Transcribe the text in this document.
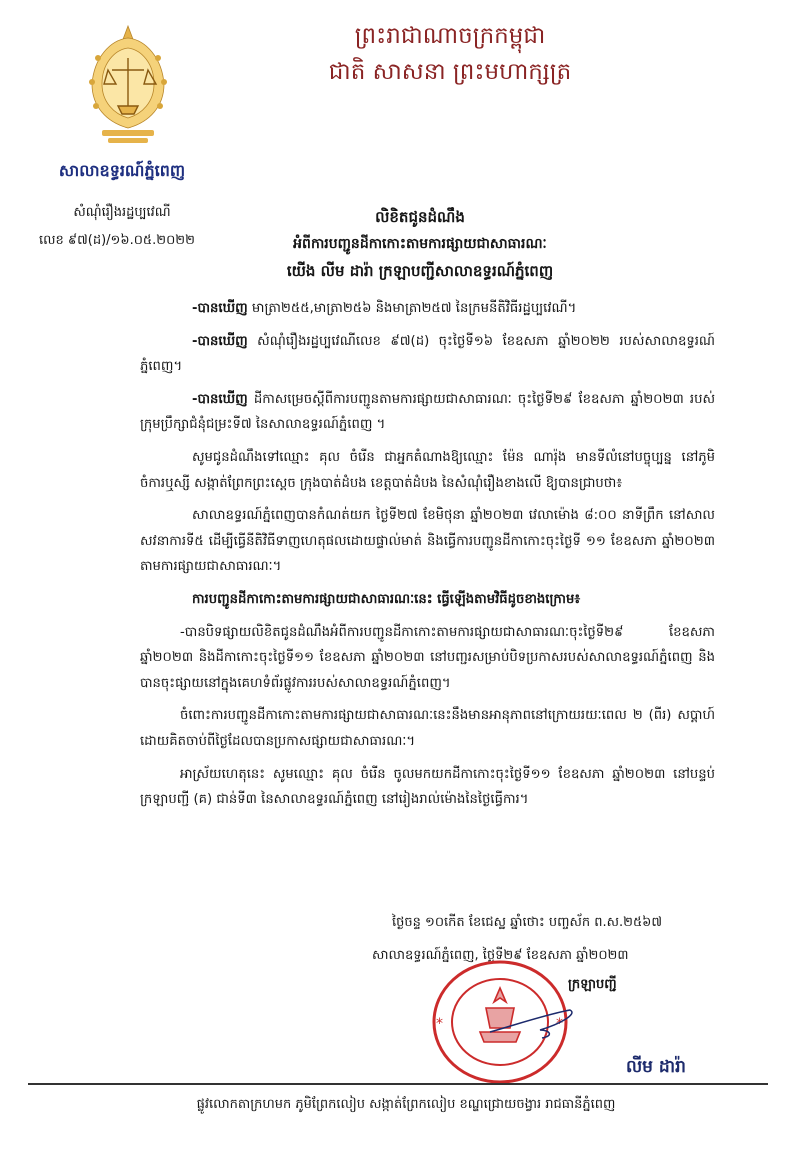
ព្រះរាជាណាចក្រកម្ពុជា
ជាតិ សាសនា ព្រះមហាក្សត្រ
សាលាឧទ្ធរណ៍ភ្នំពេញ
សំណុំរឿងរដ្ឋប្បវេណី
លេខ ៩៧(ដ)/១៦.០៥.២០២២
លិខិតជូនដំណឹង
អំពីការបញ្ជូនដីកាកោះតាមការផ្សាយជាសាធារណៈ
យើង លីម ដារ៉ា ក្រឡាបញ្ជីសាលាឧទ្ធរណ៍ភ្នំពេញ

-បានឃើញ មាត្រា២៥៥,មាត្រា២៥៦ និងមាត្រា២៥៧ នៃក្រមនីតិវិធីរដ្ឋប្បវេណី។

-បានឃើញ សំណុំរឿងរដ្ឋប្បវេណីលេខ ៩៧(ដ) ចុះថ្ងៃទី១៦ ខែឧសភា ឆ្នាំ២០២២ របស់សាលាឧទ្ធរណ៍ភ្នំពេញ។

-បានឃើញ ដីកាសម្រេចស្តីពីការបញ្ជូនតាមការផ្សាយជាសាធារណៈ ចុះថ្ងៃទី២៩ ខែឧសភា ឆ្នាំ២០២៣ របស់ក្រុមប្រឹក្សាជំនុំជម្រះទី៧ នៃសាលាឧទ្ធរណ៍ភ្នំពេញ ។

សូមជូនដំណឹងទៅឈ្មោះ គុល ចំរើន ជាអ្នកតំណាងឱ្យឈ្មោះ ម៉ែន ណារ៉ុង មានទីលំនៅបច្ចុប្បន្ន នៅភូមិចំការឬស្សី សង្កាត់ព្រែកព្រះស្តេច ក្រុងបាត់ដំបង ខេត្តបាត់ដំបង នៃសំណុំរឿងខាងលើ ឱ្យបានជ្រាបថា៖

សាលាឧទ្ធរណ៍ភ្នំពេញបានកំណត់យក ថ្ងៃទី២៧ ខែមិថុនា ឆ្នាំ២០២៣ វេលាម៉ោង ៨:០០ នាទីព្រឹក នៅសាលសវនាការទី៥ ដើម្បីធ្វើនីតិវិធីទាញហេតុផលដោយផ្ទាល់មាត់ និងធ្វើការបញ្ជូនដីកាកោះចុះថ្ងៃទី ១១ ខែឧសភា ឆ្នាំ២០២៣ តាមការផ្សាយជាសាធារណៈ។

ការបញ្ជូនដីកាកោះតាមការផ្សាយជាសាធារណៈនេះ ធ្វើឡើងតាមវិធីដូចខាងក្រោម៖

-បានបិទផ្សាយលិខិតជូនដំណឹងអំពីការបញ្ជូនដីកាកោះតាមការផ្សាយជាសាធារណៈចុះថ្ងៃទី២៩ ខែឧសភា ឆ្នាំ២០២៣ និងដីកាកោះចុះថ្ងៃទី១១ ខែឧសភា ឆ្នាំ២០២៣ នៅបញ្ជរសម្រាប់បិទប្រកាសរបស់សាលាឧទ្ធរណ៍ភ្នំពេញ និងបានចុះផ្សាយនៅក្នុងគេហទំព័រផ្លូវការរបស់សាលាឧទ្ធរណ៍ភ្នំពេញ។

ចំពោះការបញ្ជូនដីកាកោះតាមការផ្សាយជាសាធារណៈនេះនឹងមានអានុភាពនៅក្រោយរយៈពេល ២ (ពីរ) សប្តាហ៍ ដោយគិតចាប់ពីថ្ងៃដែលបានប្រកាសផ្សាយជាសាធារណៈ។

អាស្រ័យហេតុនេះ សូមឈ្មោះ គុល ចំរើន ចូលមកយកដីកាកោះចុះថ្ងៃទី១១ ខែឧសភា ឆ្នាំ២០២៣ នៅបន្ទប់ក្រឡាបញ្ជី (គ) ជាន់ទី៣ នៃសាលាឧទ្ធរណ៍ភ្នំពេញ នៅរៀងរាល់ម៉ោងនៃថ្ងៃធ្វើការ។

ថ្ងៃចន្ទ ១០កើត ខែជេស្ឋ ឆ្នាំថោះ បញ្ចស័ក ព.ស.២៥៦៧
សាលាឧទ្ធរណ៍ភ្នំពេញ, ថ្ងៃទី២៩ ខែឧសភា ឆ្នាំ២០២៣
ក្រឡាបញ្ជី
*	*
លីម ដារ៉ា
ផ្លូវលោកតាក្រហមក ភូមិព្រែកលៀប សង្កាត់ព្រែកលៀប ខណ្ឌជ្រោយចង្វារ រាជធានីភ្នំពេញ
